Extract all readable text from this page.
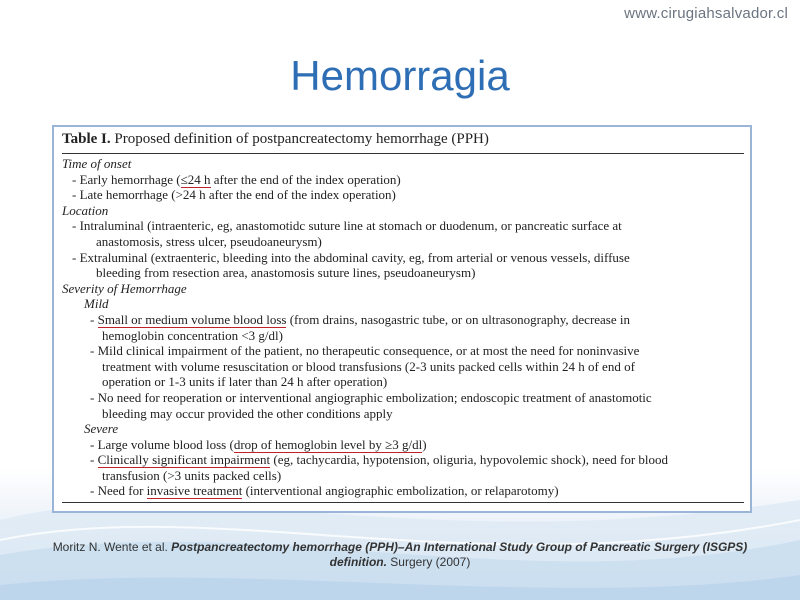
www.cirugiahsalvador.cl
Hemorragia
Table I. Proposed definition of postpancreatectomy hemorrhage (PPH)
Time of onset
- Early hemorrhage (≤24 h after the end of the index operation)
- Late hemorrhage (>24 h after the end of the index operation)
Location
- Intraluminal (intraenteric, eg, anastomotidc suture line at stomach or duodenum, or pancreatic surface at
anastomosis, stress ulcer, pseudoaneurysm)
- Extraluminal (extraenteric, bleeding into the abdominal cavity, eg, from arterial or venous vessels, diffuse
bleeding from resection area, anastomosis suture lines, pseudoaneurysm)
Severity of Hemorrhage
Mild
- Small or medium volume blood loss (from drains, nasogastric tube, or on ultrasonography, decrease in
hemoglobin concentration <3 g/dl)
- Mild clinical impairment of the patient, no therapeutic consequence, or at most the need for noninvasive
treatment with volume resuscitation or blood transfusions (2-3 units packed cells within 24 h of end of
operation or 1-3 units if later than 24 h after operation)
- No need for reoperation or interventional angiographic embolization; endoscopic treatment of anastomotic
bleeding may occur provided the other conditions apply
Severe
- Large volume blood loss (drop of hemoglobin level by ≥3 g/dl)
- Clinically significant impairment (eg, tachycardia, hypotension, oliguria, hypovolemic shock), need for blood
transfusion (>3 units packed cells)
- Need for invasive treatment (interventional angiographic embolization, or relaparotomy)
Moritz N. Wente et al. Postpancreatectomy hemorrhage (PPH)–An International Study Group of Pancreatic Surgery (ISGPS) definition. Surgery (2007)
